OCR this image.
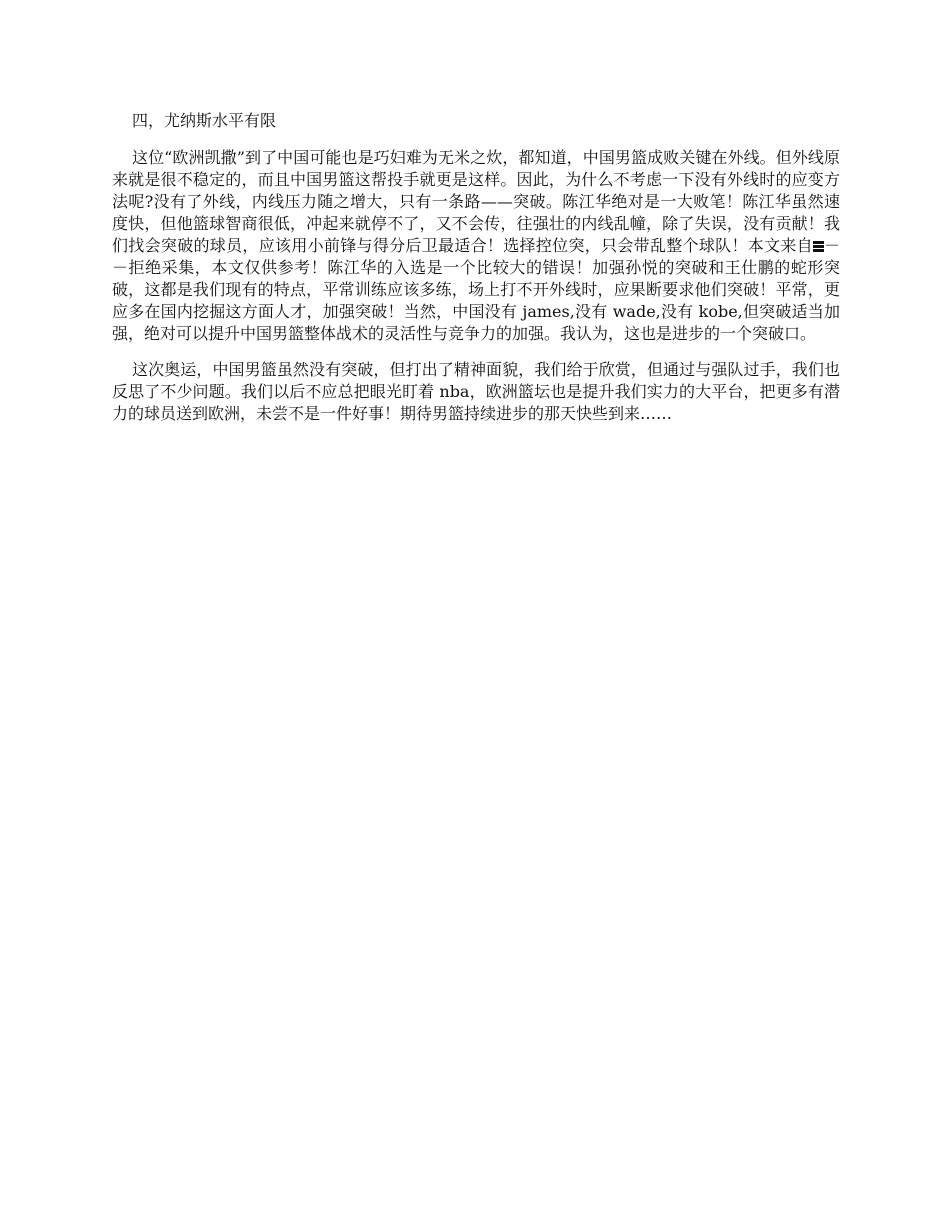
四，尤纳斯水平有限

这位“欧洲凯撒”到了中国可能也是巧妇难为无米之炊，都知道，中国男篮成败关键在外线。但外线原来就是很不稳定的，而且中国男篮这帮投手就更是这样。因此，为什么不考虑一下没有外线时的应变方法呢?没有了外线，内线压力随之增大，只有一条路——突破。陈江华绝对是一大败笔！陈江华虽然速度快，但他篮球智商很低，冲起来就停不了，又不会传，往强壮的内线乱幢，除了失误，没有贡献！我们找会突破的球员，应该用小前锋与得分后卫最适合！选择控位突，只会带乱整个球队！本文来自 －－拒绝采集，本文仅供参考！陈江华的入选是一个比较大的错误！加强孙悦的突破和王仕鹏的蛇形突破，这都是我们现有的特点，平常训练应该多练，场上打不开外线时，应果断要求他们突破！平常，更应多在国内挖掘这方面人才，加强突破！当然，中国没有 james,没有 wade,没有 kobe,但突破适当加强，绝对可以提升中国男篮整体战术的灵活性与竞争力的加强。我认为，这也是进步的一个突破口。

这次奥运，中国男篮虽然没有突破，但打出了精神面貌，我们给于欣赏，但通过与强队过手，我们也反思了不少问题。我们以后不应总把眼光盯着 nba，欧洲篮坛也是提升我们实力的大平台，把更多有潜力的球员送到欧洲，未尝不是一件好事！期待男篮持续进步的那天快些到来……
